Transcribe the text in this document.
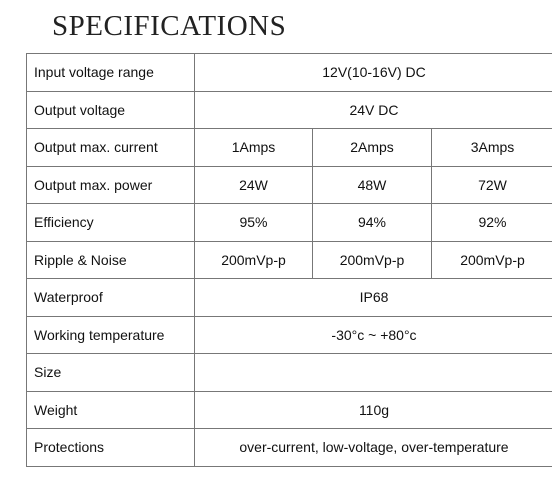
SPECIFICATIONS
Input voltage range	12V(10-16V) DC		
Output voltage	24V DC		
Output max. current	1Amps	2Amps	3Amps
Output max. power	24W	48W	72W
Efficiency	95%	94%	92%
Ripple & Noise	200mVp-p	200mVp-p	200mVp-p
Waterproof	IP68		
Working temperature	-30°c ~ +80°c		
Size			
Weight	110g		
Protections	over-current, low-voltage, over-temperature		
